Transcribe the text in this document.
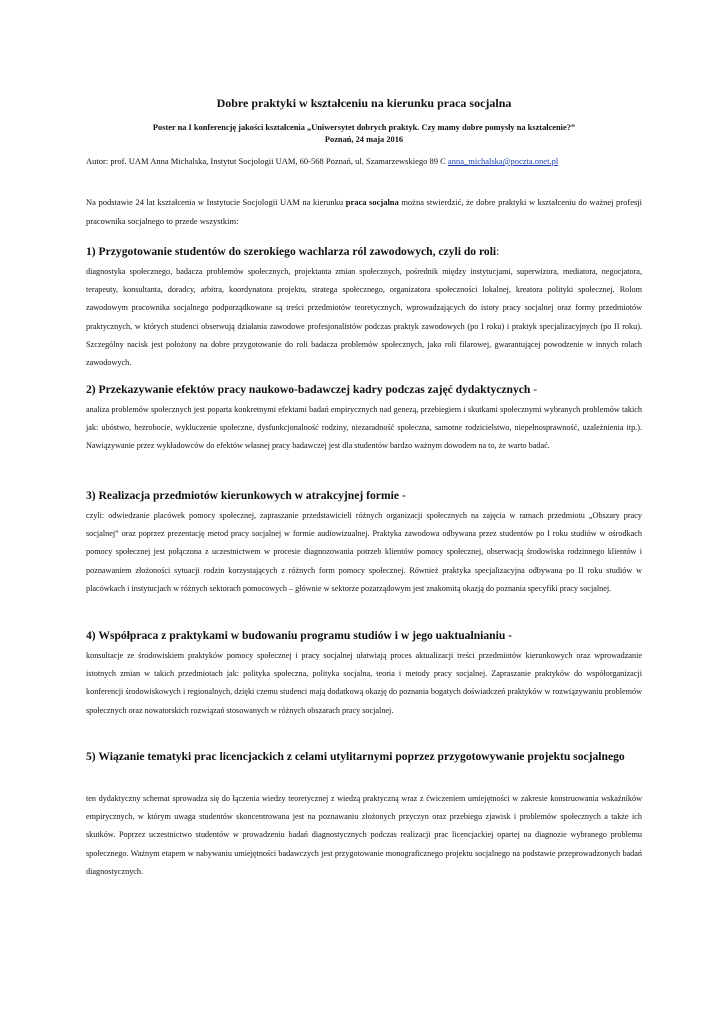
Dobre praktyki w kształceniu na kierunku praca socjalna

Poster na I konferencję jakości kształcenia „Uniwersytet dobrych praktyk. Czy mamy dobre pomysły na kształcenie?”

Poznań, 24 maja 2016

Autor: prof. UAM Anna Michalska, Instytut Socjologii UAM, 60-568 Poznań, ul. Szamarzewskiego 89 C anna_michalska@poczta.onet.pl

Na podstawie 24 lat kształcenia w Instytucie Socjologii UAM na kierunku praca socjalna można stwierdzić, że dobre praktyki w kształceniu do ważnej profesji pracownika socjalnego to przede wszystkim:

1) Przygotowanie studentów do szerokiego wachlarza ról zawodowych, czyli do roli:

diagnostyka społecznego, badacza problemów społecznych, projektanta zmian społecznych, pośrednik między instytucjami, superwizora, mediatora, negocjatora, terapeuty, konsultanta, doradcy, arbitra, koordynatora projektu, stratega społecznego, organizatora społeczności lokalnej, kreatora polityki społecznej. Rolom zawodowym pracownika socjalnego podporządkowane są treści przedmiotów teoretycznych, wprowadzających do istoty pracy socjalnej oraz formy przedmiotów praktycznych, w których studenci obserwują działania zawodowe profesjonalistów podczas praktyk zawodowych (po I roku) i praktyk specjalizacyjnych (po II roku). Szczególny nacisk jest położony na dobre przygotowanie do roli badacza problemów społecznych, jako roli filarowej, gwarantującej powodzenie w innych rolach zawodowych.

2) Przekazywanie efektów pracy naukowo-badawczej kadry podczas zajęć dydaktycznych -

analiza problemów społecznych jest poparta konkretnymi efektami badań empirycznych nad genezą, przebiegiem i skutkami społecznymi wybranych problemów takich jak: ubóstwo, bezrobocie, wykluczenie społeczne, dysfunkcjonalność rodziny, niezaradność społeczna, samotne rodzicielstwo, niepełnosprawność, uzależnienia itp.). Nawiązywanie przez wykładowców do efektów własnej pracy badawczej jest dla studentów bardzo ważnym dowodem na to, że warto badać.

3) Realizacja przedmiotów kierunkowych w atrakcyjnej formie -

czyli: odwiedzanie placówek pomocy społecznej, zapraszanie przedstawicieli różnych organizacji społecznych na zajęcia w ramach przedmiotu „Obszary pracy socjalnej” oraz poprzez prezentację metod pracy socjalnej w formie audiowizualnej. Praktyka zawodowa odbywana przez studentów po I roku studiów w ośrodkach pomocy społecznej jest połączona z uczestnictwem w procesie diagnozowania potrzeb klientów pomocy społecznej, obserwacją środowiska rodzinnego klientów i poznawaniem złożoności sytuacji rodzin korzystających z różnych form pomocy społecznej. Również praktyka specjalizacyjna odbywana po II roku studiów w placówkach i instytucjach w różnych sektorach pomocowych – głównie w sektorze pozarządowym jest znakomitą okazją do poznania specyfiki pracy socjalnej.

4) Współpraca z praktykami w budowaniu programu studiów i w jego uaktualnianiu -

konsultacje ze środowiskiem praktyków pomocy społecznej i pracy socjalnej ułatwiają proces aktualizacji treści przedmiotów kierunkowych oraz wprowadzanie istotnych zmian w takich przedmiotach jak: polityka społeczna, polityka socjalna, teoria i metody pracy socjalnej. Zapraszanie praktyków do współorganizacji konferencji środowiskowych i regionalnych, dzięki czemu studenci mają dodatkową okazję do poznania bogatych doświadczeń praktyków w rozwiązywaniu problemów społecznych oraz nowatorskich rozwiązań stosowanych w różnych obszarach pracy socjalnej.

5) Wiązanie tematyki prac licencjackich z celami utylitarnymi poprzez przygotowywanie projektu socjalnego

ten dydaktyczny schemat sprowadza się do łączenia wiedzy teoretycznej z wiedzą praktyczną wraz z ćwiczeniem umiejętności w zakresie konstruowania wskaźników empirycznych, w którym uwaga studentów skoncentrowana jest na poznawaniu złożonych przyczyn oraz przebiegu zjawisk i problemów społecznych a także ich skutków. Poprzez uczestnictwo studentów w prowadzeniu badań diagnostycznych podczas realizacji prac licencjackiej opartej na diagnozie wybranego problemu społecznego. Ważnym etapem w nabywaniu umiejętności badawczych jest przygotowanie monograficznego projektu socjalnego na podstawie przeprowadzonych badań diagnostycznych.
